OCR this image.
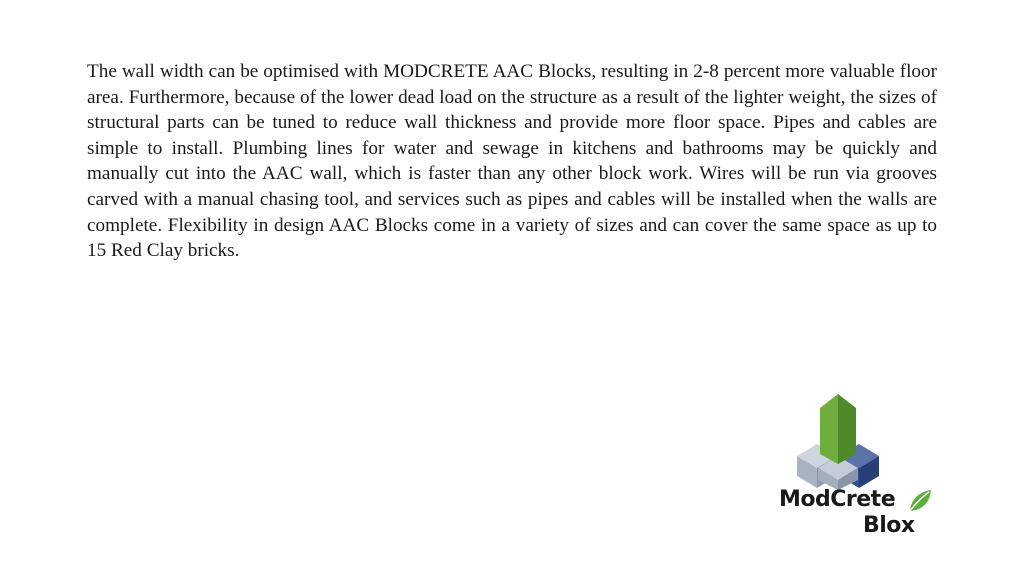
The wall width can be optimised with MODCRETE AAC Blocks, resulting in 2-8 percent more valuable floor area. Furthermore, because of the lower dead load on the structure as a result of the lighter weight, the sizes of structural parts can be tuned to reduce wall thickness and provide more floor space. Pipes and cables are simple to install. Plumbing lines for water and sewage in kitchens and bathrooms may be quickly and manually cut into the AAC wall, which is faster than any other block work. Wires will be run via grooves carved with a manual chasing tool, and services such as pipes and cables will be installed when the walls are complete. Flexibility in design AAC Blocks come in a variety of sizes and can cover the same space as up to 15 Red Clay bricks.

ModCrete
Blox
